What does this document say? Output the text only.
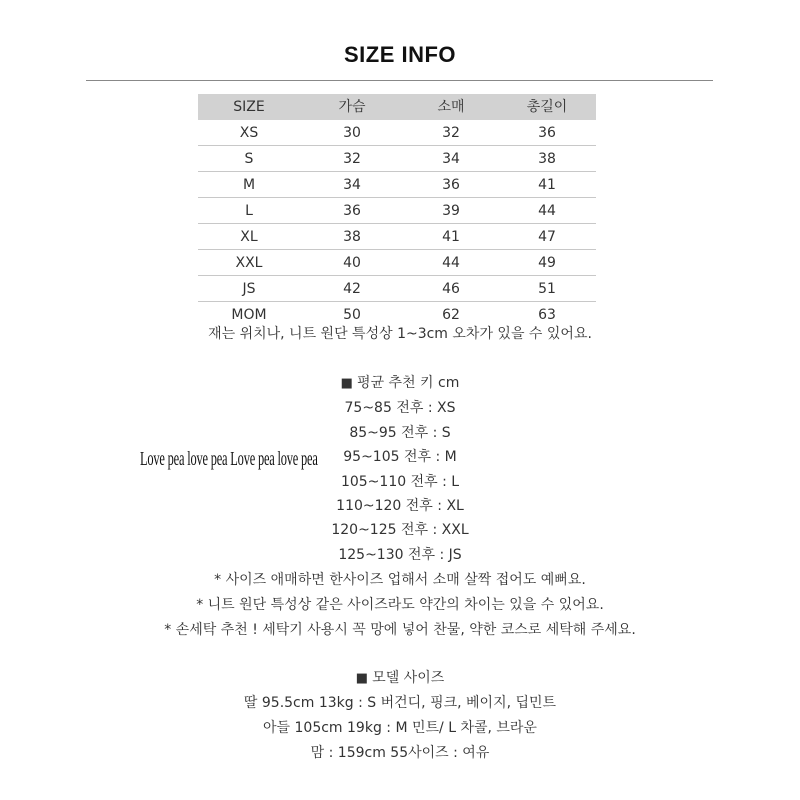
SIZE INFO
SIZE	가슴	소매	총길이
XS	30	32	36
S	32	34	38
M	34	36	41
L	36	39	44
XL	38	41	47
XXL	40	44	49
JS	42	46	51
MOM	50	62	63
재는 위치나, 니트 원단 특성상 1~3cm 오차가 있을 수 있어요.
■ 평균 추천 키 cm
75~85 전후 : XS
85~95 전후 : S
95~105 전후 : M
105~110 전후 : L
110~120 전후 : XL
120~125 전후 : XXL
125~130 전후 : JS
Love pea love pea Love pea love pea
* 사이즈 애매하면 한사이즈 업해서 소매 살짝 접어도 예뻐요.
* 니트 원단 특성상 같은 사이즈라도 약간의 차이는 있을 수 있어요.
* 손세탁 추천 ! 세탁기 사용시 꼭 망에 넣어 찬물, 약한 코스로 세탁해 주세요.
■ 모델 사이즈
딸 95.5cm 13kg : S 버건디, 핑크, 베이지, 딥민트
아들 105cm 19kg : M 민트/ L 차콜, 브라운
맘 : 159cm 55사이즈 : 여유
